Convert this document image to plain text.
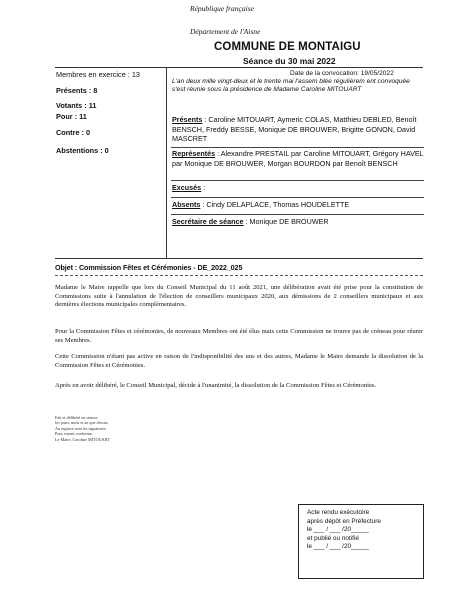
République française
Département de l'Aisne
COMMUNE DE MONTAIGU
Séance du 30 mai 2022
Membres en exercice : 13
Présents : 8
Votants : 11
Pour : 11
Contre : 0
Abstentions : 0
Date de la convocation: 19/05/2022
L'an deux mille vingt-deux et le trente mai l'assem blée régulièrem ent convoquée s'est réunie sous la présidence de Madame Caroline MITOUART
Présents : Caroline MITOUART, Aymeric COLAS, Matthieu DEBLED, Benoît BENSCH, Freddy BESSE, Monique DE BROUWER, Brigitte GONON, David MASCRET
Représentés : Alexandre PRESTAIL par Caroline MITOUART, Grégory HAVEL par Monique DE BROUWER, Morgan BOURDON par Benoît BENSCH
Excusés :
Absents : Cindy DELAPLACE, Thomas HOUDELETTE
Secrétaire de séance : Monique DE BROUWER
Objet : Commission Fêtes et Cérémonies - DE_2022_025
Madame le Maire rappelle que lors du Conseil Municipal du 11 août 2021, une délibération avait été prise pour la constitution de Commissions suite à l'annulation de l'élection de conseillers municipaux 2020, aux démissions de 2 conseillers municipaux et aux dernières élections municipales complémentaires.
Pour la Commission Fêtes et cérémonies, de nouveaux Membres ont été élus mais cette Commission ne trouve pas de créneau pour réunir ses Membres.
Cette Commission n'étant pas active en raison de l'indisponibilité des uns et des autres, Madame le Maire demande la dissolution de la Commission Fêtes et Cérémonies.
Après en avoir délibéré, le Conseil Municipal, décide à l'unanimité, la dissolution de la Commission Fêtes et Cérémonies.
Fait et délibéré en séance,
les jours, mois et an que dessus,
Au registre sont les signatures,
Pour extrait conforme,
Le Maire, Caroline MITOUART
Acte rendu exécutoire
après dépôt en Préfecture
le ___ / ___ /20_____
et publié ou notifié
le ___ / ___ /20_____
